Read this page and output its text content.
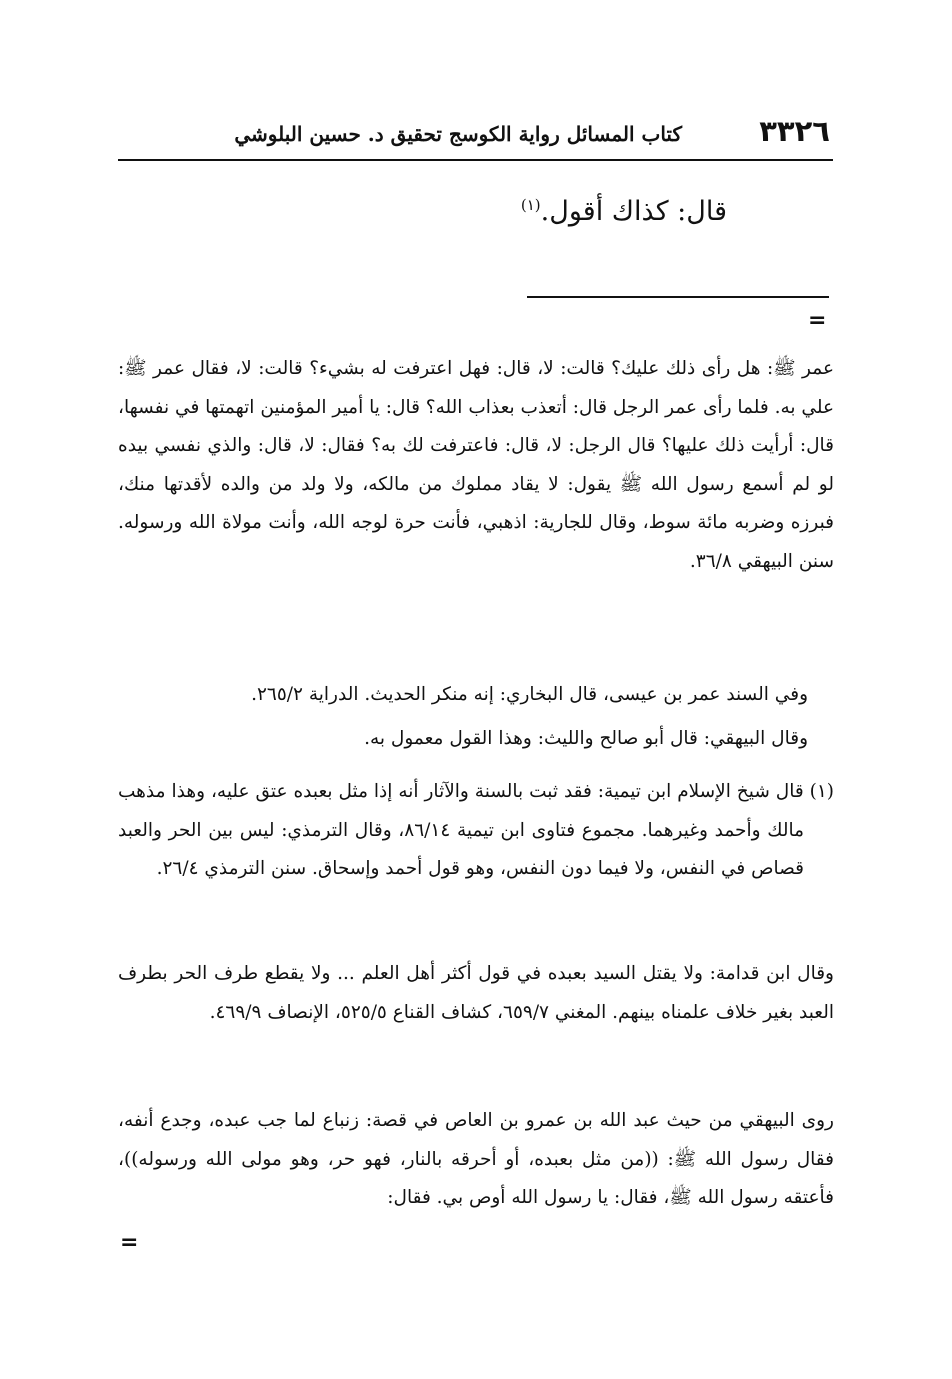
٣٣٢٦
كتاب المسائل رواية الكوسج تحقيق د. حسين البلوشي
قال: كذاك أقول.$^{(١)}$
=
عمر ﷺ: هل رأى ذلك عليك؟ قالت: لا، قال: فهل اعترفت له بشيء؟ قالت: لا، فقال عمر ﷺ: علي به. فلما رأى عمر الرجل قال: أتعذب بعذاب الله؟ قال: يا أمير المؤمنين اتهمتها في نفسها، قال: أرأيت ذلك عليها؟ قال الرجل: لا، قال: فاعترفت لك به؟ فقال: لا، قال: والذي نفسي بيده لو لم أسمع رسول الله ﷺ يقول: لا يقاد مملوك من مالكه، ولا ولد من والده لأقدتها منك، فبرزه وضربه مائة سوط، وقال للجارية: اذهبي، فأنت حرة لوجه الله، وأنت مولاة الله ورسوله. سنن البيهقي ٣٦/٨.
وفي السند عمر بن عيسى، قال البخاري: إنه منكر الحديث. الدراية ٢٦٥/٢.
وقال البيهقي: قال أبو صالح والليث: وهذا القول معمول به.
(١) قال شيخ الإسلام ابن تيمية: فقد ثبت بالسنة والآثار أنه إذا مثل بعبده عتق عليه، وهذا مذهب مالك وأحمد وغيرهما. مجموع فتاوى ابن تيمية ٨٦/١٤، وقال الترمذي: ليس بين الحر والعبد قصاص في النفس، ولا فيما دون النفس، وهو قول أحمد وإسحاق. سنن الترمذي ٢٦/٤.
وقال ابن قدامة: ولا يقتل السيد بعبده في قول أكثر أهل العلم ... ولا يقطع طرف الحر بطرف العبد بغير خلاف علمناه بينهم. المغني ٦٥٩/٧، كشاف القناع ٥٢٥/٥، الإنصاف ٤٦٩/٩.
روى البيهقي من حيث عبد الله بن عمرو بن العاص في قصة: زنباع لما جب عبده، وجدع أنفه، فقال رسول الله ﷺ: ((من مثل بعبده، أو أحرقه بالنار، فهو حر، وهو مولى الله ورسوله))، فأعتقه رسول الله ﷺ، فقال: يا رسول الله أوص بي. فقال:
=
